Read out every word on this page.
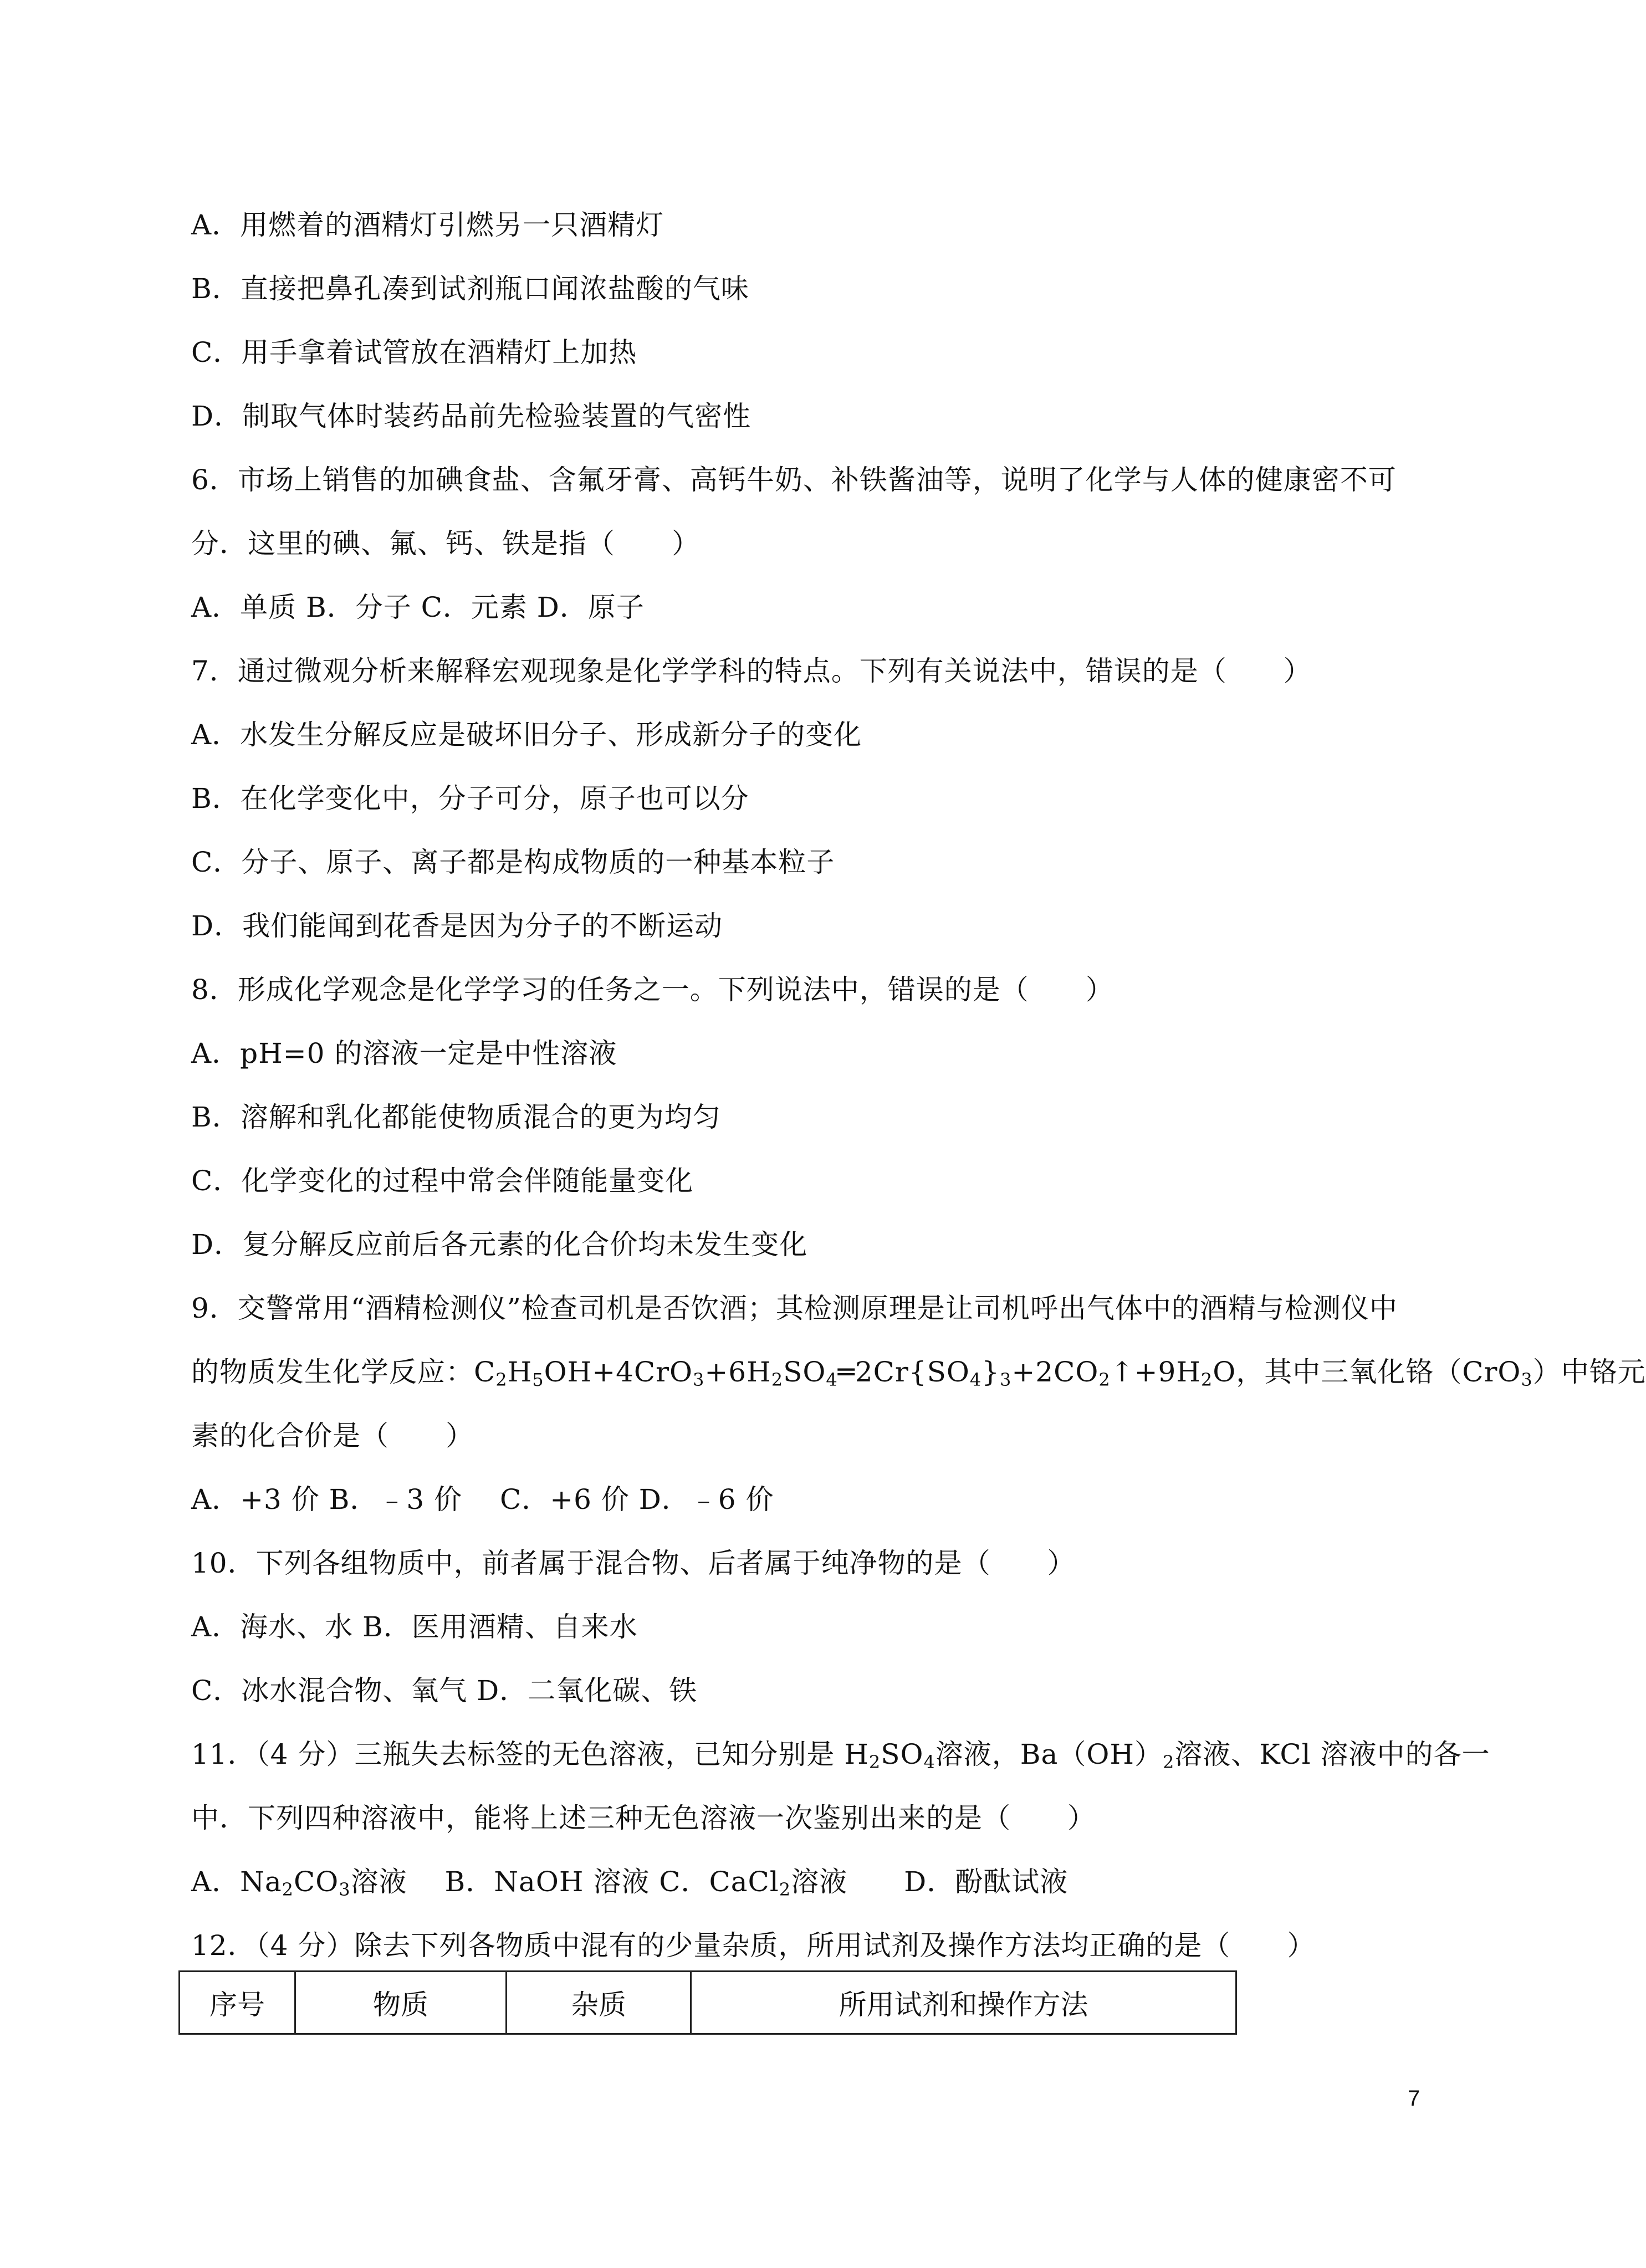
A．用燃着的酒精灯引燃另一只酒精灯
B．直接把鼻孔凑到试剂瓶口闻浓盐酸的气味
C．用手拿着试管放在酒精灯上加热
D．制取气体时装药品前先检验装置的气密性
6．市场上销售的加碘食盐、含氟牙膏、高钙牛奶、补铁酱油等，说明了化学与人体的健康密不可
分．这里的碘、氟、钙、铁是指（　　）
A．单质 B．分子 C．元素 D．原子
7．通过微观分析来解释宏观现象是化学学科的特点。下列有关说法中，错误的是（　　）
A．水发生分解反应是破坏旧分子、形成新分子的变化
B．在化学变化中，分子可分，原子也可以分
C．分子、原子、离子都是构成物质的一种基本粒子
D．我们能闻到花香是因为分子的不断运动
8．形成化学观念是化学学习的任务之一。下列说法中，错误的是（　　）
A．pH=0 的溶液一定是中性溶液
B．溶解和乳化都能使物质混合的更为均匀
C．化学变化的过程中常会伴随能量变化
D．复分解反应前后各元素的化合价均未发生变化
9．交警常用“酒精检测仪”检查司机是否饮酒；其检测原理是让司机呼出气体中的酒精与检测仪中
的物质发生化学反应：$C_2H_5OH+4CrO_3+6H_2SO_4═2Cr\{SO_4\}_3+2CO_2↑+9H_2O$，其中三氧化铬（CrO$_3$）中铬元
素的化合价是（　　）
A．+3 价 B．﹣3 价　 C．+6 价 D．﹣6 价
10．下列各组物质中，前者属于混合物、后者属于纯净物的是（　　）
A．海水、水 B．医用酒精、自来水
C．冰水混合物、氧气 D．二氧化碳、铁
11．（4 分）三瓶失去标签的无色溶液，已知分别是 $H_2SO_4$溶液，$Ba(OH)_2$溶液、KCl 溶液中的各一
中．下列四种溶液中，能将上述三种无色溶液一次鉴别出来的是（　　）
A．$Na_2CO_3$溶液　 B．NaOH 溶液 C．CaCl$_2$溶液　　D．酚酞试液
12．（4 分）除去下列各物质中混有的少量杂质，所用试剂及操作方法均正确的是（　　）
序号	物质	杂质	所用试剂和操作方法
7
